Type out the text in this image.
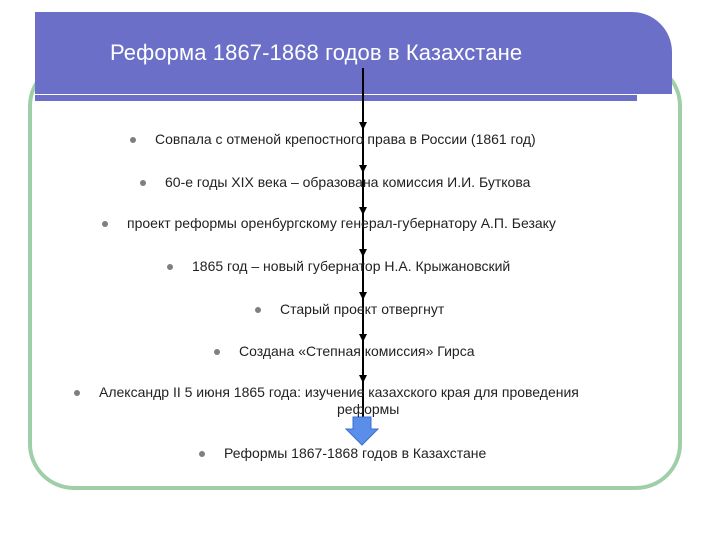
Реформа 1867-1868 годов в Казахстане
Совпала с отменой крепостного права в России (1861 год)
60-е годы XIX века – образована комиссия И.И. Буткова
проект реформы оренбургскому генерал-губернатору А.П. Безаку
1865 год – новый губернатор Н.А. Крыжановский
Старый проект отвергнут
Создана «Степная комиссия» Гирса
Александр II 5 июня 1865 года: изучение казахского края для проведения
реформы
Реформы 1867-1868 годов в Казахстане
